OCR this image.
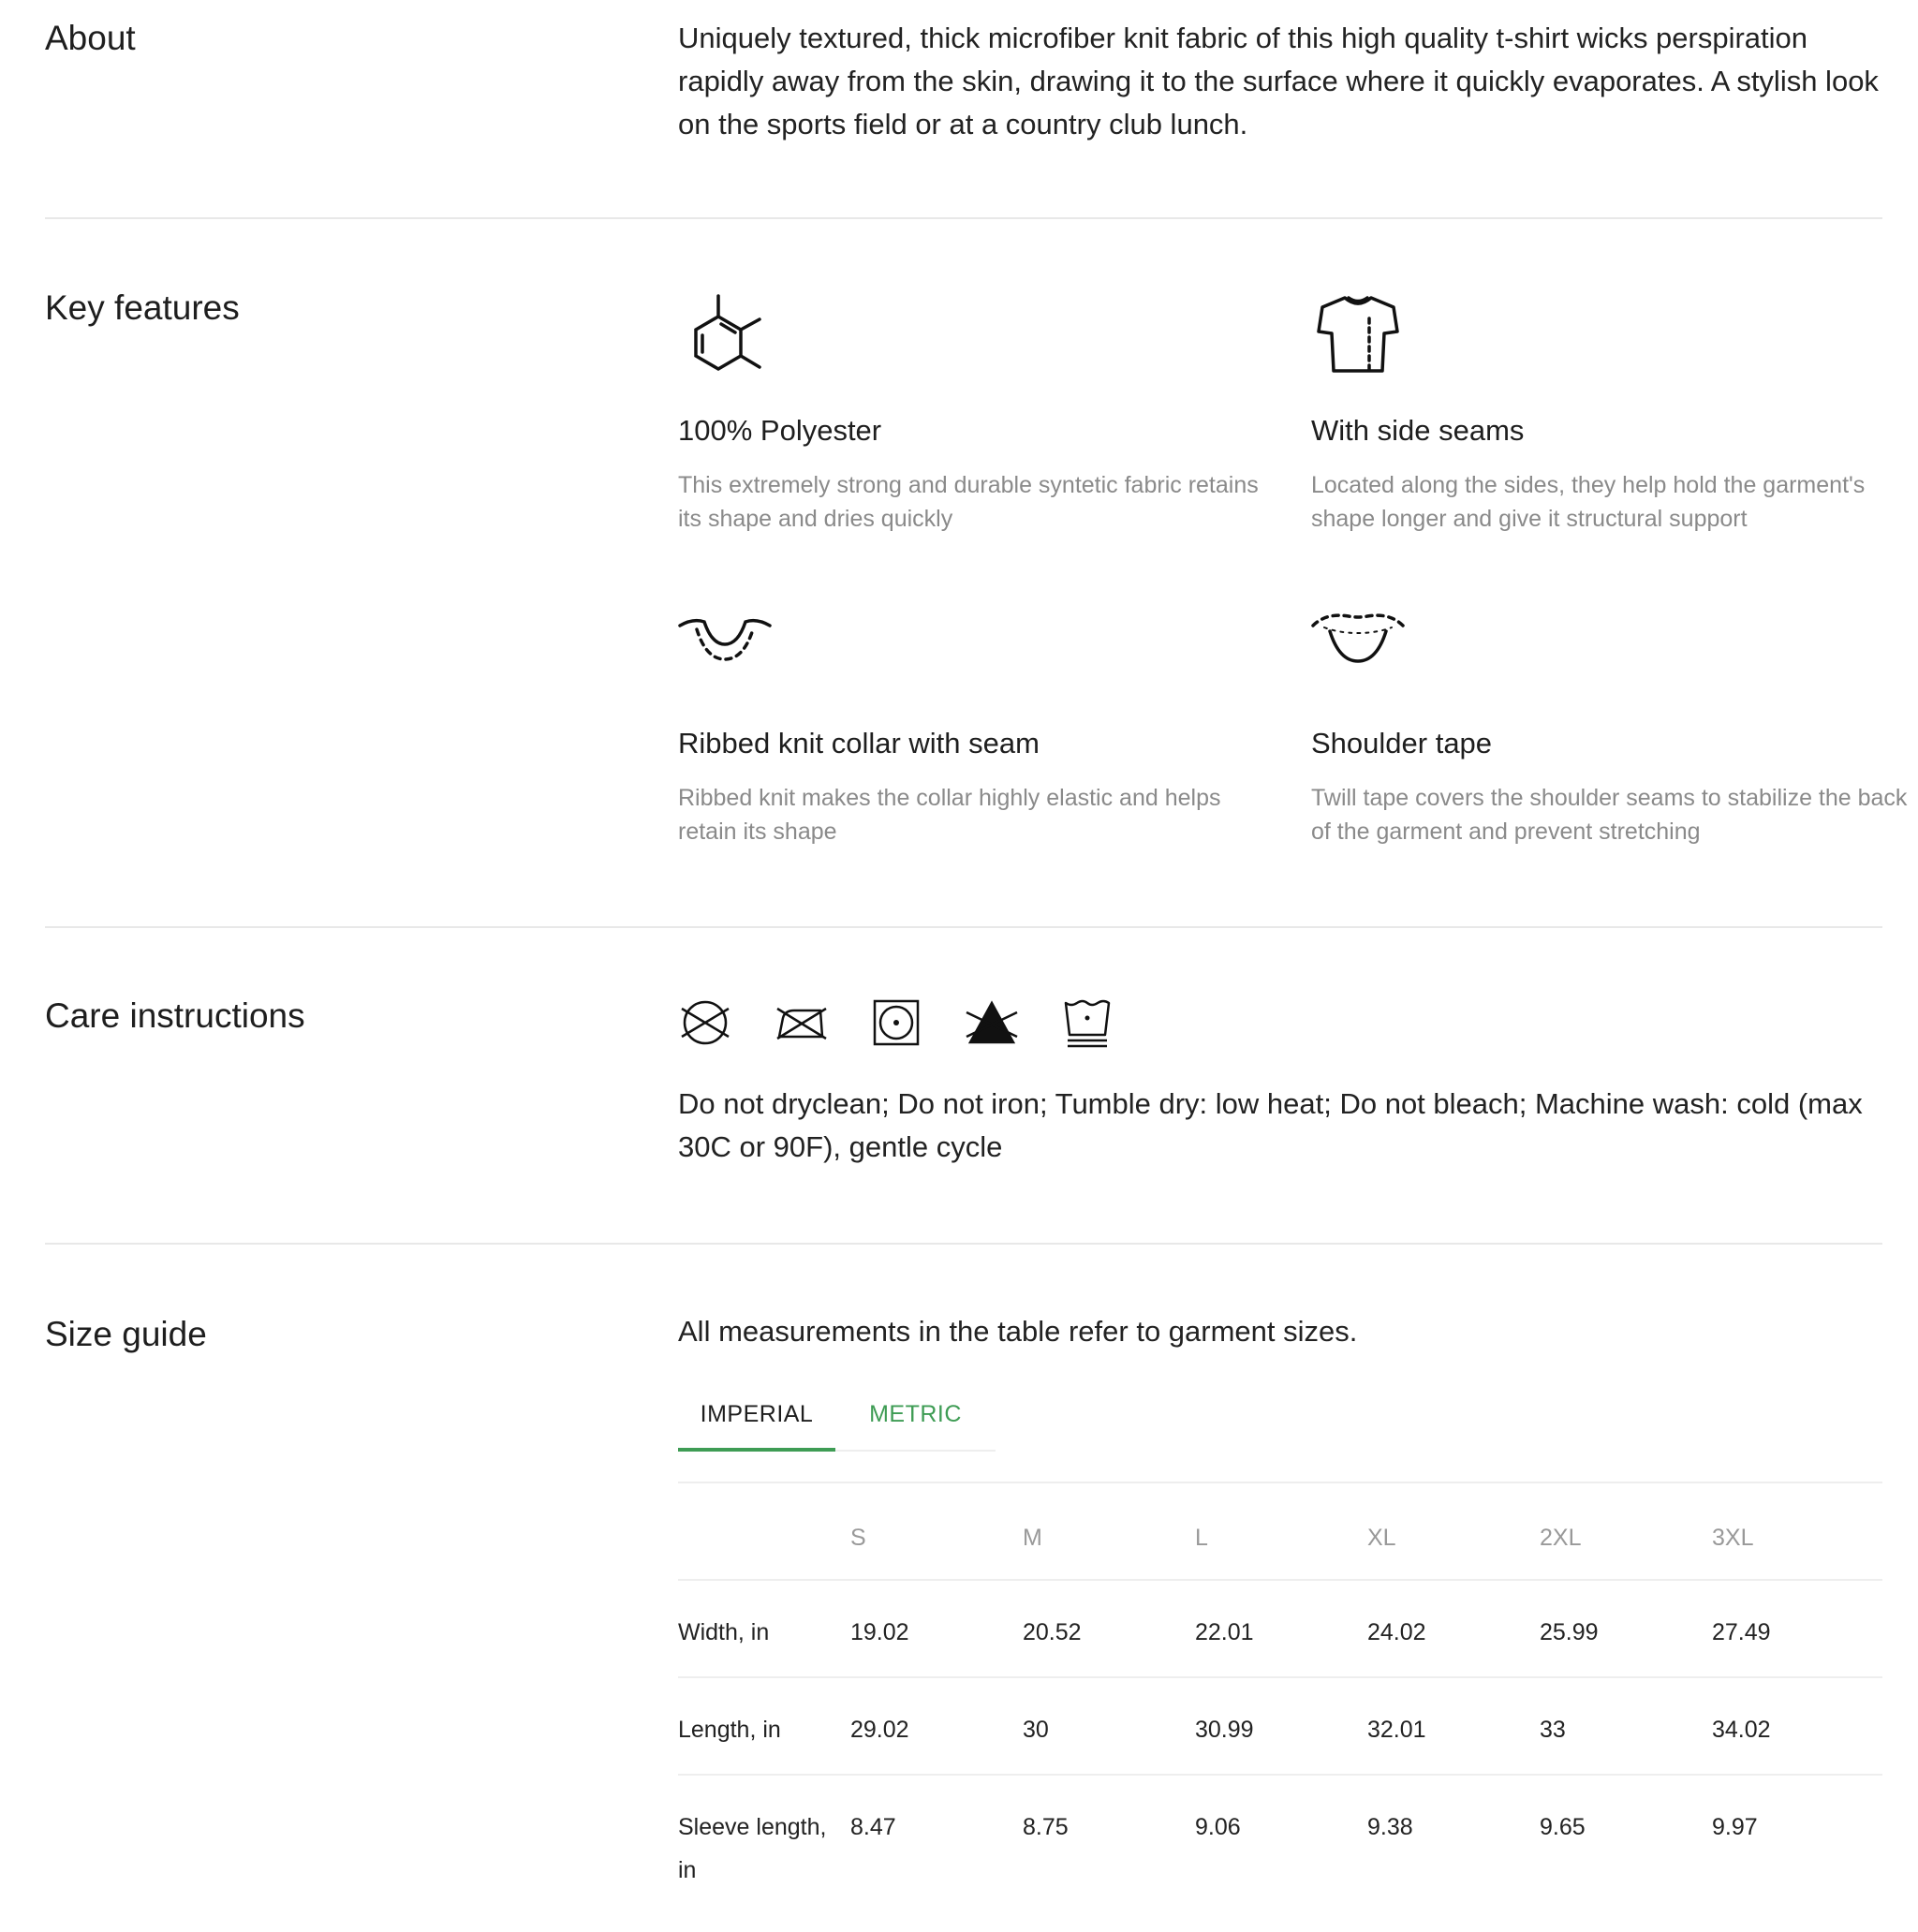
About	Uniquely textured, thick microfiber knit fabric of this high quality t-shirt wicks perspiration rapidly away from the skin, drawing it to the surface where it quickly evaporates. A stylish look on the sports field or at a country club lunch.

Key features
100% Polyester
This extremely strong and durable syntetic fabric retains its shape and dries quickly
With side seams
Located along the sides, they help hold the garment's shape longer and give it structural support
Ribbed knit collar with seam
Ribbed knit makes the collar highly elastic and helps retain its shape
Shoulder tape
Twill tape covers the shoulder seams to stabilize the back of the garment and prevent stretching
Care instructions
Do not dryclean; Do not iron; Tumble dry: low heat; Do not bleach; Machine wash: cold (max 30C or 90F), gentle cycle
Size guide	All measurements in the table refer to garment sizes.
IMPERIAL	METRIC
	S	M	L	XL	2XL	3XL
Width, in	19.02	20.52	22.01	24.02	25.99	27.49
Length, in	29.02	30	30.99	32.01	33	34.02
Sleeve length, in	8.47	8.75	9.06	9.38	9.65	9.97
